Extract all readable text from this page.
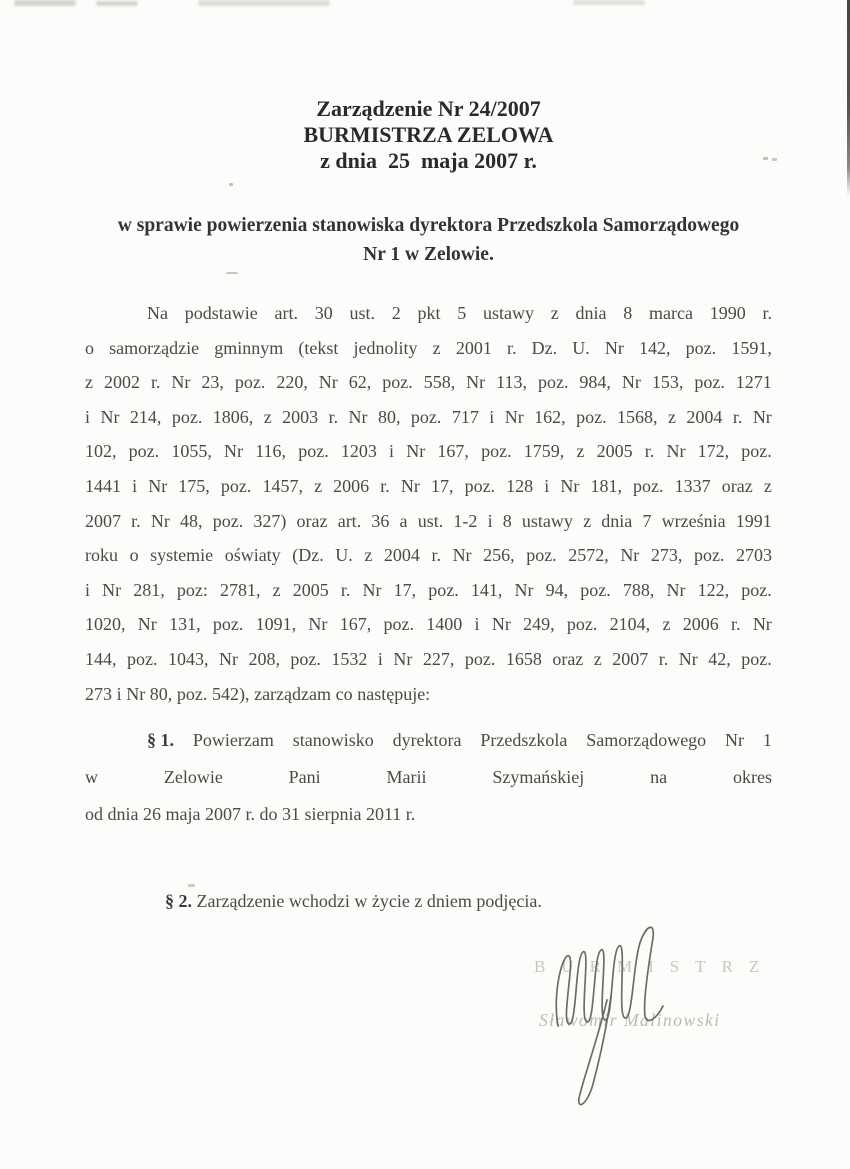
Zarządzenie Nr 24/2007
BURMISTRZA ZELOWA
z dnia  25  maja 2007 r.
w sprawie powierzenia stanowiska dyrektora Przedszkola Samorządowego
Nr 1 w Zelowie.
Na podstawie art. 30 ust. 2 pkt 5 ustawy z dnia 8 marca 1990 r.
o samorządzie gminnym (tekst jednolity z 2001 r. Dz. U. Nr 142, poz. 1591,
z 2002 r. Nr 23, poz. 220, Nr 62, poz. 558, Nr 113, poz. 984, Nr 153, poz. 1271
i Nr 214, poz. 1806, z 2003 r. Nr 80, poz. 717 i Nr 162, poz. 1568, z 2004 r. Nr
102, poz. 1055, Nr 116, poz. 1203 i Nr 167, poz. 1759, z 2005 r. Nr 172, poz.
1441 i Nr 175, poz. 1457, z 2006 r. Nr 17, poz. 128 i Nr 181, poz. 1337 oraz z
2007 r. Nr 48, poz. 327) oraz art. 36 a ust. 1-2 i 8 ustawy z dnia 7 września 1991
roku o systemie oświaty (Dz. U. z 2004 r. Nr 256, poz. 2572, Nr 273, poz. 2703
i Nr 281, poz: 2781, z 2005 r. Nr 17, poz. 141, Nr 94, poz. 788, Nr 122, poz.
1020, Nr 131, poz. 1091, Nr 167, poz. 1400 i Nr 249, poz. 2104, z 2006 r. Nr
144, poz. 1043, Nr 208, poz. 1532 i Nr 227, poz. 1658 oraz z 2007 r. Nr 42, poz.
273 i Nr 80, poz. 542), zarządzam co następuje:
§ 1. Powierzam stanowisko dyrektora Przedszkola Samorządowego Nr 1
w	Zelowie	Pani	Marii	Szymańskiej	na	okres
od dnia 26 maja 2007 r. do 31 sierpnia 2011 r.

§ 2. Zarządzenie wchodzi w życie z dniem podjęcia.

BURMISTRZ
Sławomir Malinowski
